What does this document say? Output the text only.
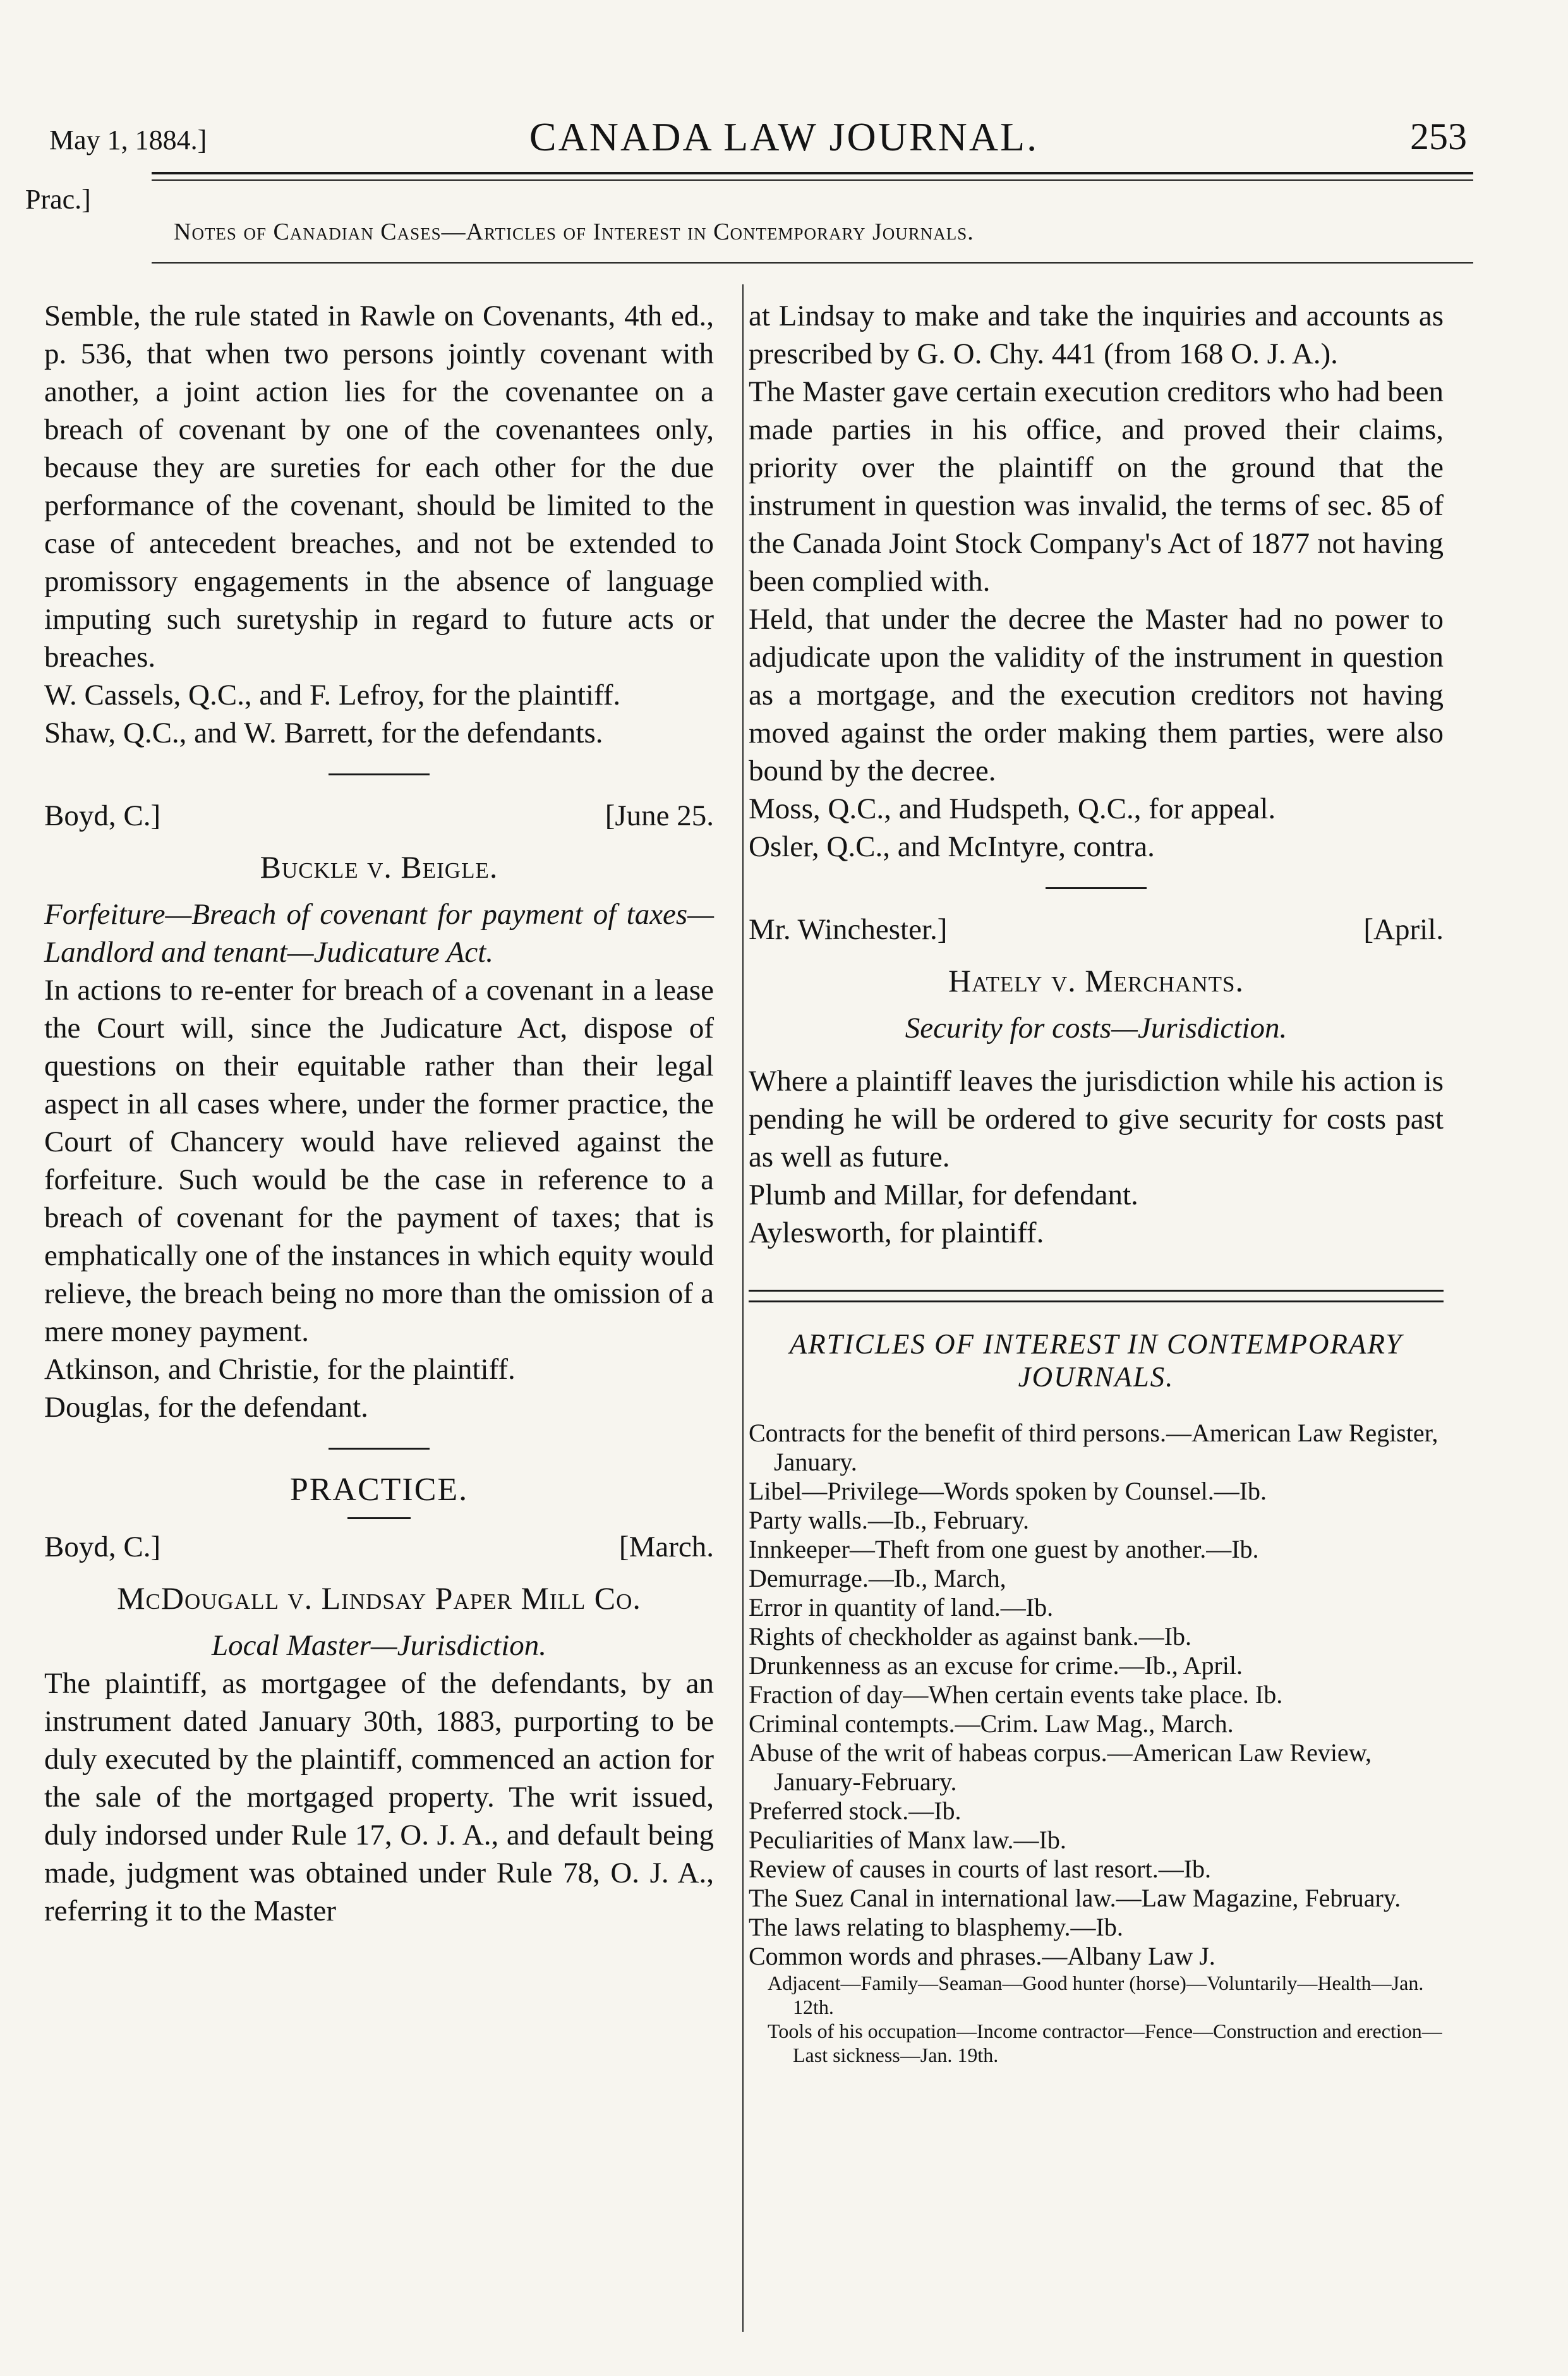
May 1, 1884.]	CANADA LAW JOURNAL.	253
Prac.]
Notes of Canadian Cases—Articles of Interest in Contemporary Journals.

Semble, the rule stated in Rawle on Covenants, 4th ed., p. 536, that when two persons jointly covenant with another, a joint action lies for the covenantee on a breach of covenant by one of the covenantees only, because they are sureties for each other for the due performance of the covenant, should be limited to the case of antecedent breaches, and not be extended to promissory engagements in the absence of language imputing such suretyship in regard to future acts or breaches.

W. Cassels, Q.C., and F. Lefroy, for the plaintiff.

Shaw, Q.C., and W. Barrett, for the defendants.

Boyd, C.]	[June 25.
Buckle v. Beigle.

Forfeiture—Breach of covenant for payment of taxes—Landlord and tenant—Judicature Act.

In actions to re-enter for breach of a covenant in a lease the Court will, since the Judicature Act, dispose of questions on their equitable rather than their legal aspect in all cases where, under the former practice, the Court of Chancery would have relieved against the forfeiture. Such would be the case in reference to a breach of covenant for the payment of taxes; that is emphatically one of the instances in which equity would relieve, the breach being no more than the omission of a mere money payment.

Atkinson, and Christie, for the plaintiff.

Douglas, for the defendant.

PRACTICE.
Boyd, C.]	[March.
McDougall v. Lindsay Paper Mill Co.

Local Master—Jurisdiction.

The plaintiff, as mortgagee of the defendants, by an instrument dated January 30th, 1883, purporting to be duly executed by the plaintiff, commenced an action for the sale of the mortgaged property. The writ issued, duly indorsed under Rule 17, O. J. A., and default being made, judgment was obtained under Rule 78, O. J. A., referring it to the Master

at Lindsay to make and take the inquiries and accounts as prescribed by G. O. Chy. 441 (from 168 O. J. A.).

The Master gave certain execution creditors who had been made parties in his office, and proved their claims, priority over the plaintiff on the ground that the instrument in question was invalid, the terms of sec. 85 of the Canada Joint Stock Company's Act of 1877 not having been complied with.

Held, that under the decree the Master had no power to adjudicate upon the validity of the instrument in question as a mortgage, and the execution creditors not having moved against the order making them parties, were also bound by the decree.

Moss, Q.C., and Hudspeth, Q.C., for appeal.

Osler, Q.C., and McIntyre, contra.

Mr. Winchester.]	[April.
Hately v. Merchants.

Security for costs—Jurisdiction.

Where a plaintiff leaves the jurisdiction while his action is pending he will be ordered to give security for costs past as well as future.

Plumb and Millar, for defendant.

Aylesworth, for plaintiff.

ARTICLES OF INTEREST IN CONTEMPORARY JOURNALS.

Contracts for the benefit of third persons.—American Law Register, January.

Libel—Privilege—Words spoken by Counsel.—Ib.

Party walls.—Ib., February.

Innkeeper—Theft from one guest by another.—Ib.

Demurrage.—Ib., March,

Error in quantity of land.—Ib.

Rights of checkholder as against bank.—Ib.

Drunkenness as an excuse for crime.—Ib., April.

Fraction of day—When certain events take place. Ib.

Criminal contempts.—Crim. Law Mag., March.

Abuse of the writ of habeas corpus.—American Law Review, January-February.

Preferred stock.—Ib.

Peculiarities of Manx law.—Ib.

Review of causes in courts of last resort.—Ib.

The Suez Canal in international law.—Law Magazine, February.

The laws relating to blasphemy.—Ib.

Common words and phrases.—Albany Law J.

Adjacent—Family—Seaman—Good hunter (horse)—Voluntarily—Health—Jan. 12th.

Tools of his occupation—Income contractor—Fence—Construction and erection—Last sickness—Jan. 19th.
